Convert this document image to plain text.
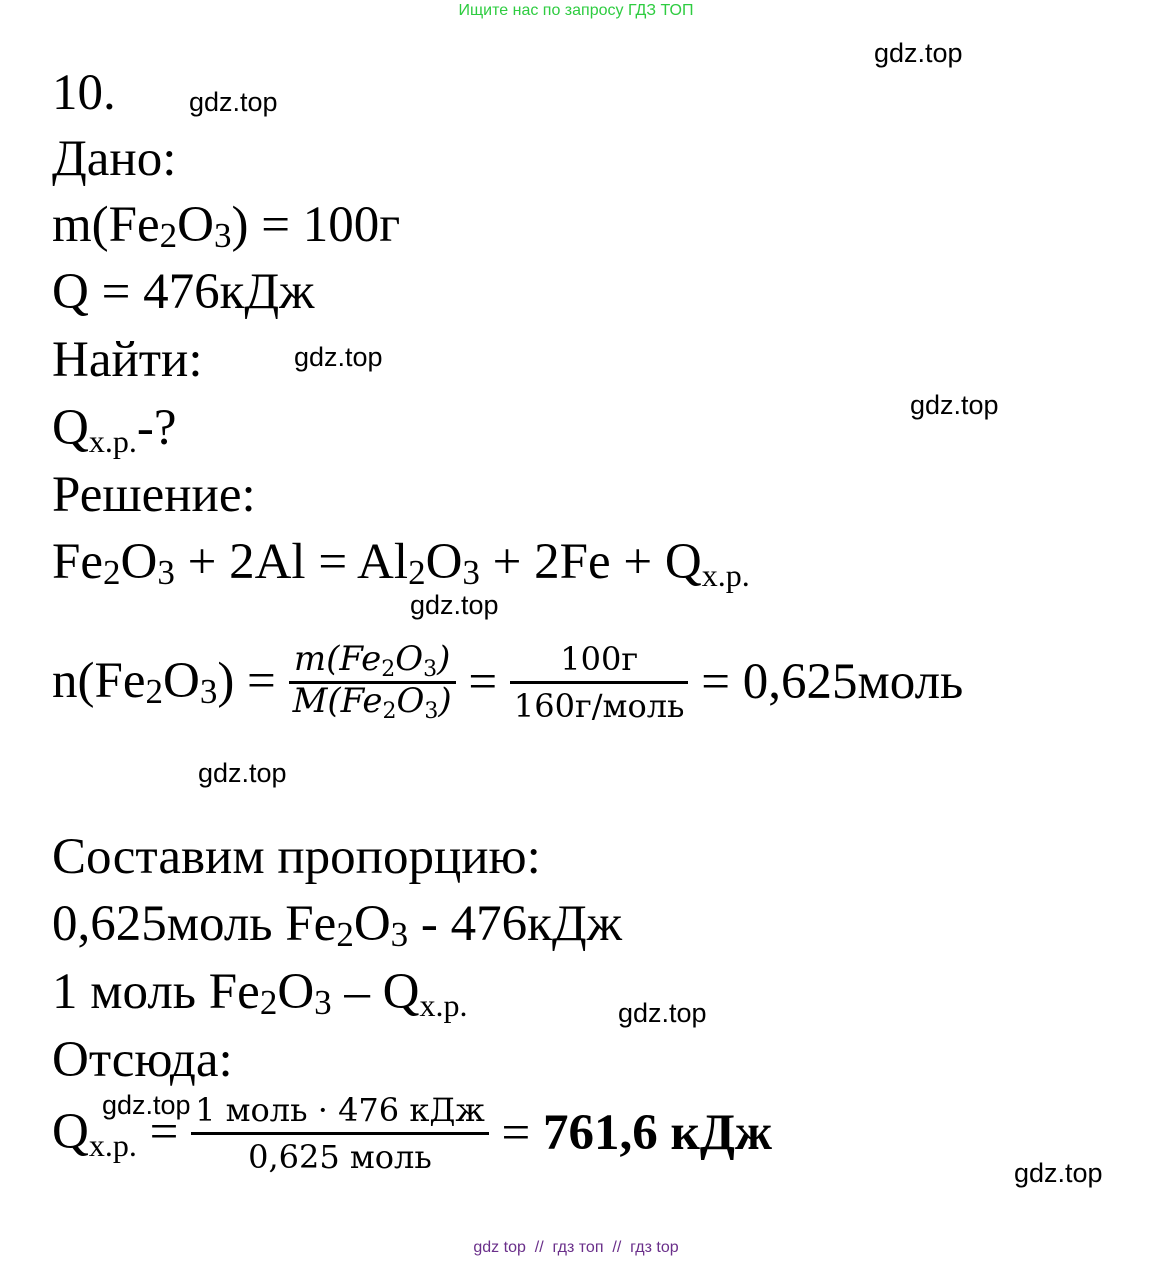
Ищите нас по запросу ГДЗ ТОП
gdz.top
gdz.top
gdz.top
gdz.top
gdz.top
gdz.top
gdz.top
gdz.top
gdz.top
10.
Дано:
m(Fe2O3) = 100г
Q = 476кДж
Найти:
Qх.р.-?
Решение:
Fe2O3 + 2Al = Al2O3 + 2Fe + Qх.р.
$n(Fe2O3) = \frac{m(Fe2O3)}{M(Fe2O3)} = \frac{100г}{\text{160г/моль}}$ = 0,625моль
Составим пропорцию:
0,625моль Fe2O3 - 476кДж
1 моль Fe2O3 – Qх.р.
Отсюда:
Qх.р. = $\frac{\text{1 моль · 476 кДж}}{\text{0,625 моль}} = 761,6$ кДж
gdz top  //  гдз топ  //  гдз top
